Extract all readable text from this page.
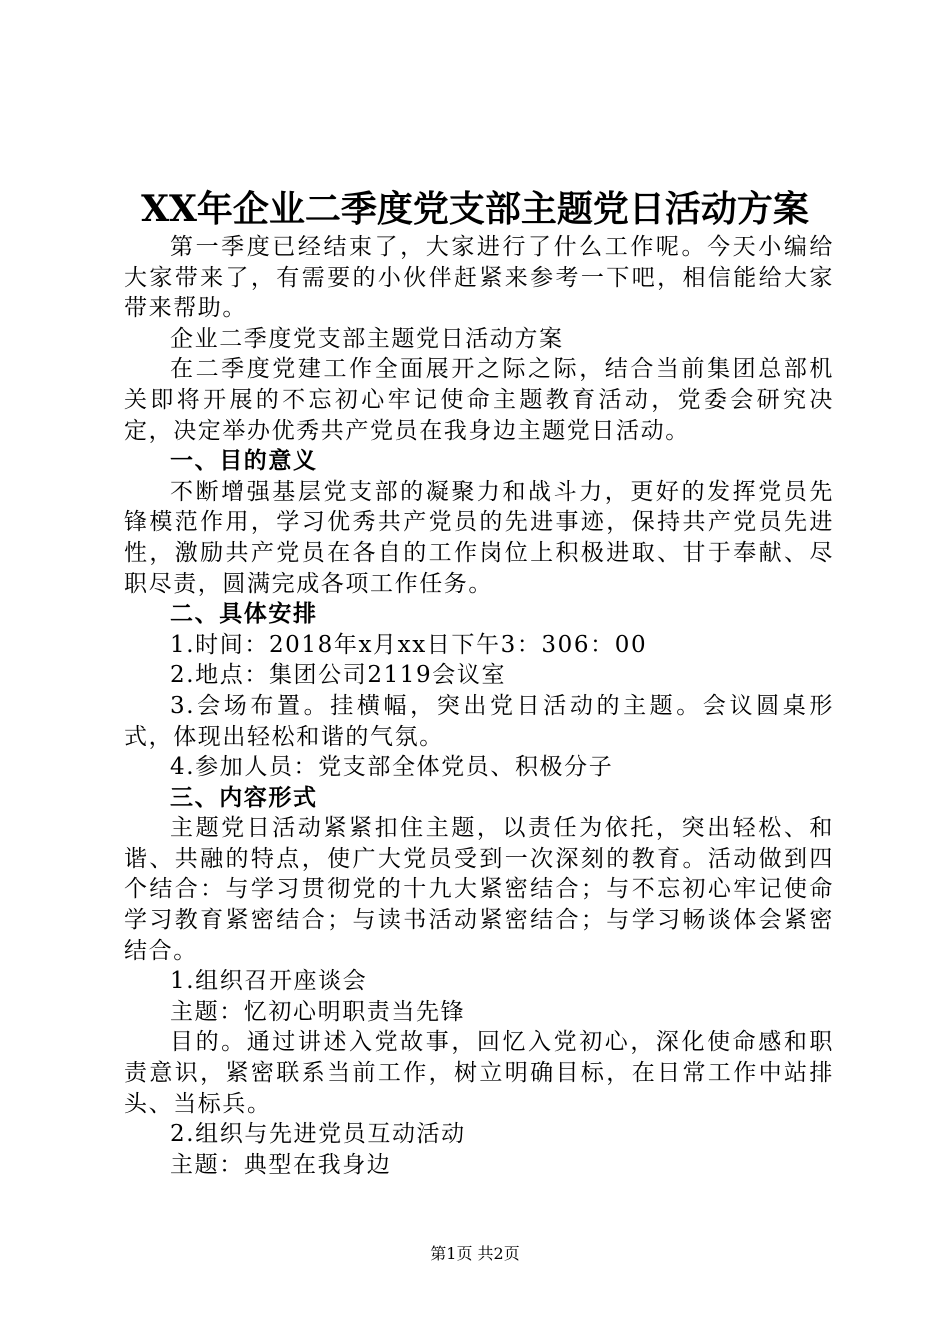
XX年企业二季度党支部主题党日活动方案

第一季度已经结束了，大家进行了什么工作呢。今天小编给大家带来了，有需要的小伙伴赶紧来参考一下吧，相信能给大家带来帮助。

企业二季度党支部主题党日活动方案

在二季度党建工作全面展开之际之际，结合当前集团总部机关即将开展的不忘初心牢记使命主题教育活动，党委会研究决定，决定举办优秀共产党员在我身边主题党日活动。

一、目的意义

不断增强基层党支部的凝聚力和战斗力，更好的发挥党员先锋模范作用，学习优秀共产党员的先进事迹，保持共产党员先进性，激励共产党员在各自的工作岗位上积极进取、甘于奉献、尽职尽责，圆满完成各项工作任务。

二、具体安排

1.时间：2018年x月xx日下午3：306：00

2.地点：集团公司2119会议室

3.会场布置。挂横幅，突出党日活动的主题。会议圆桌形式，体现出轻松和谐的气氛。

4.参加人员：党支部全体党员、积极分子

三、内容形式

主题党日活动紧紧扣住主题，以责任为依托，突出轻松、和谐、共融的特点，使广大党员受到一次深刻的教育。活动做到四个结合：与学习贯彻党的十九大紧密结合；与不忘初心牢记使命学习教育紧密结合；与读书活动紧密结合；与学习畅谈体会紧密结合。

1.组织召开座谈会

主题：忆初心明职责当先锋

目的。通过讲述入党故事，回忆入党初心，深化使命感和职责意识，紧密联系当前工作，树立明确目标，在日常工作中站排头、当标兵。

2.组织与先进党员互动活动

主题：典型在我身边

第1页 共2页
